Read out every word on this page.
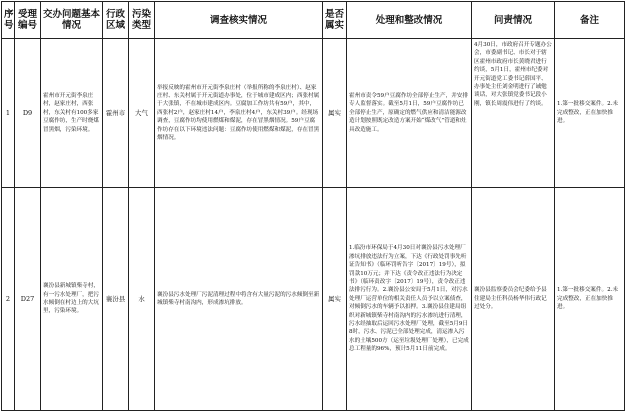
序号	受理编号	交办问题基本情况	行政区域	污染类型	调查核实情况	是否属实	处理和整改情况	问责情况	备注
1	D9	霍州市开元街李泉庄村，赵家庄村，西张村，东关村有100多家豆腐作坊，生产时烧煤冒黑烟，污染环境。	霍州市	大气	举报反映的霍州市开元街李泉庄村（举报所称的李泉庄村）、赵家庄村、东关村属于开元街道办事处，位于城市建成区内；西张村属于大张镇，不在城市建成区内。豆腐加工作坊共有59户，其中，西张村2户，赵家庄村14户，李泉庄村4户，东关村39户。经现场调查，豆腐作坊均使用燃煤和煤泥，存在冒黑烟情况。59户豆腐作坊存在以下环境违法问题：豆腐作坊使用燃煤和煤泥，存在冒黑烟情况。	属实	霍州市责令59户豆腐作坊全部停止生产，并安排专人监督落实。截至5月1日，59户豆腐作坊已全部停止生产，原确定的燃气供应和清洁能源改造计划按照既定改造方案开始“煤改气”管道和灶具改造施工。	4月30日，市政府召开专题办公会，市委副书记、市长对于辖区霍州市政府市长黄晓君进行约谈，5月1日，霍州市纪委对开元街道党工委书记薛国平、办事处主任刘金明进行了诫勉谈话，对大张镇党委书记段小刚，镇长周震伟进行了约谈。	1.第一批移交案件。2.未完成整改，正在加快推进。
2	D27	襄汾县新城镇柴寺村，有一污水处理厂，把污水倾倒在村边上的大坑里，污染环境。	襄汾县	水	襄汾县污水处理厂污泥清理过程中将含有大量污泥的污水倾倒至新城镇柴寺村南沟内，形成渗坑排放。	属实	1.临汾市环保局于4月30日对襄汾县污水处理厂渗坑排放违法行为立案，下达《行政处罚事先听证告知书》（临环罚听告字〔2017〕19号），拟罚款10万元；并下达《责令改正违法行为决定书》（临环责改字〔2017〕19号），责令改正违法排污行为。2.襄汾县公安局于5月1日，对污水处理厂运营单位的相关责任人员予以立案侦查，对倾倒污水的车辆予以扣押。3.襄汾县住建局组织对新城镇柴寺村南沟内的污水渗坑进行清理，污水经抽取后运回污水处理厂处理，截至5月9日8时，污水、污泥已全部处理完成，清运渗入污水的土壤500方（运至垃圾处理厂处理），已完成总工程量的96%，预计5月11日前完成。	襄汾县监察委员会纪委给予县住建局主任科员杨华伟行政记过处分。	1.第一批移交案件。2.未完成整改，正在加快推进。
